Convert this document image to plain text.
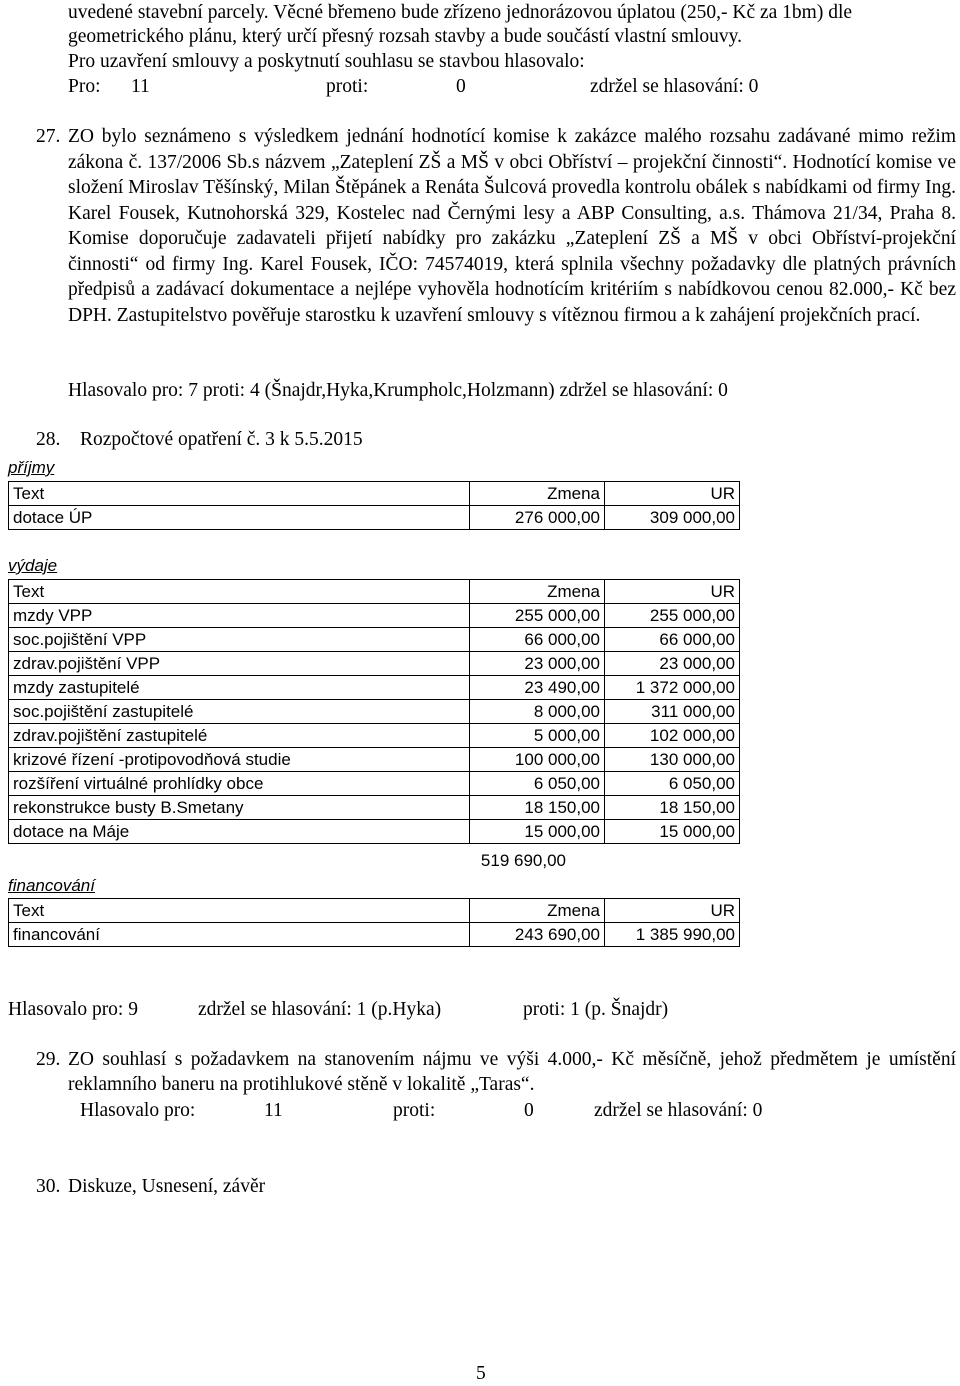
uvedené stavební parcely. Věcné břemeno bude zřízeno jednorázovou úplatou (250,- Kč za 1bm) dle
geometrického plánu, který určí přesný rozsah stavby a bude součástí vlastní smlouvy.
Pro uzavření smlouvy a poskytnutí souhlasu se stavbou hlasovalo:
Pro: 11	proti:	0	zdržel se hlasování: 0
27. ZO bylo seznámeno s výsledkem jednání hodnotící komise k zakázce malého rozsahu zadávané mimo režim zákona č. 137/2006 Sb.s názvem „Zateplení ZŠ a MŠ v obci Obříství – projekční činnosti“. Hodnotící komise ve složení Miroslav Těšínský, Milan Štěpánek a Renáta Šulcová provedla kontrolu obálek s nabídkami od firmy Ing. Karel Fousek, Kutnohorská 329, Kostelec nad Černými lesy a ABP Consulting, a.s. Thámova 21/34, Praha 8. Komise doporučuje zadavateli přijetí nabídky pro zakázku „Zateplení ZŠ a MŠ v obci Obříství-projekční činnosti“ od firmy Ing. Karel Fousek, IČO: 74574019, která splnila všechny požadavky dle platných právních předpisů a zadávací dokumentace a nejlépe vyhověla hodnotícím kritériím s nabídkovou cenou 82.000,- Kč bez DPH. Zastupitelstvo pověřuje starostku k uzavření smlouvy s vítěznou firmou a k zahájení projekčních prací.
Hlasovalo pro: 7 proti: 4 (Šnajdr,Hyka,Krumpholc,Holzmann) zdržel se hlasování: 0
28. Rozpočtové opatření č. 3 k 5.5.2015
příjmy
Text	Zmena	UR
dotace ÚP	276 000,00	309 000,00
výdaje
Text	Zmena	UR
mzdy VPP	255 000,00	255 000,00
soc.pojištění VPP	66 000,00	66 000,00
zdrav.pojištění VPP	23 000,00	23 000,00
mzdy zastupitelé	23 490,00	1 372 000,00
soc.pojištění zastupitelé	8 000,00	311 000,00
zdrav.pojištění zastupitelé	5 000,00	102 000,00
krizové řízení -protipovodňová studie	100 000,00	130 000,00
rozšíření virtuálné prohlídky obce	6 050,00	6 050,00
rekonstrukce busty B.Smetany	18 150,00	18 150,00
dotace na Máje	15 000,00	15 000,00
519 690,00
financování
Text	Zmena	UR
financování	243 690,00	1 385 990,00
Hlasovalo pro: 9	zdržel se hlasování: 1 (p.Hyka)	proti: 1 (p. Šnajdr)
29. ZO souhlasí s požadavkem na stanovením nájmu ve výši 4.000,- Kč měsíčně, jehož předmětem je umístění reklamního baneru na protihlukové stěně v lokalitě „Taras“.
Hlasovalo pro:	11	proti:	0	zdržel se hlasování: 0
30. Diskuze, Usnesení, závěr
5
